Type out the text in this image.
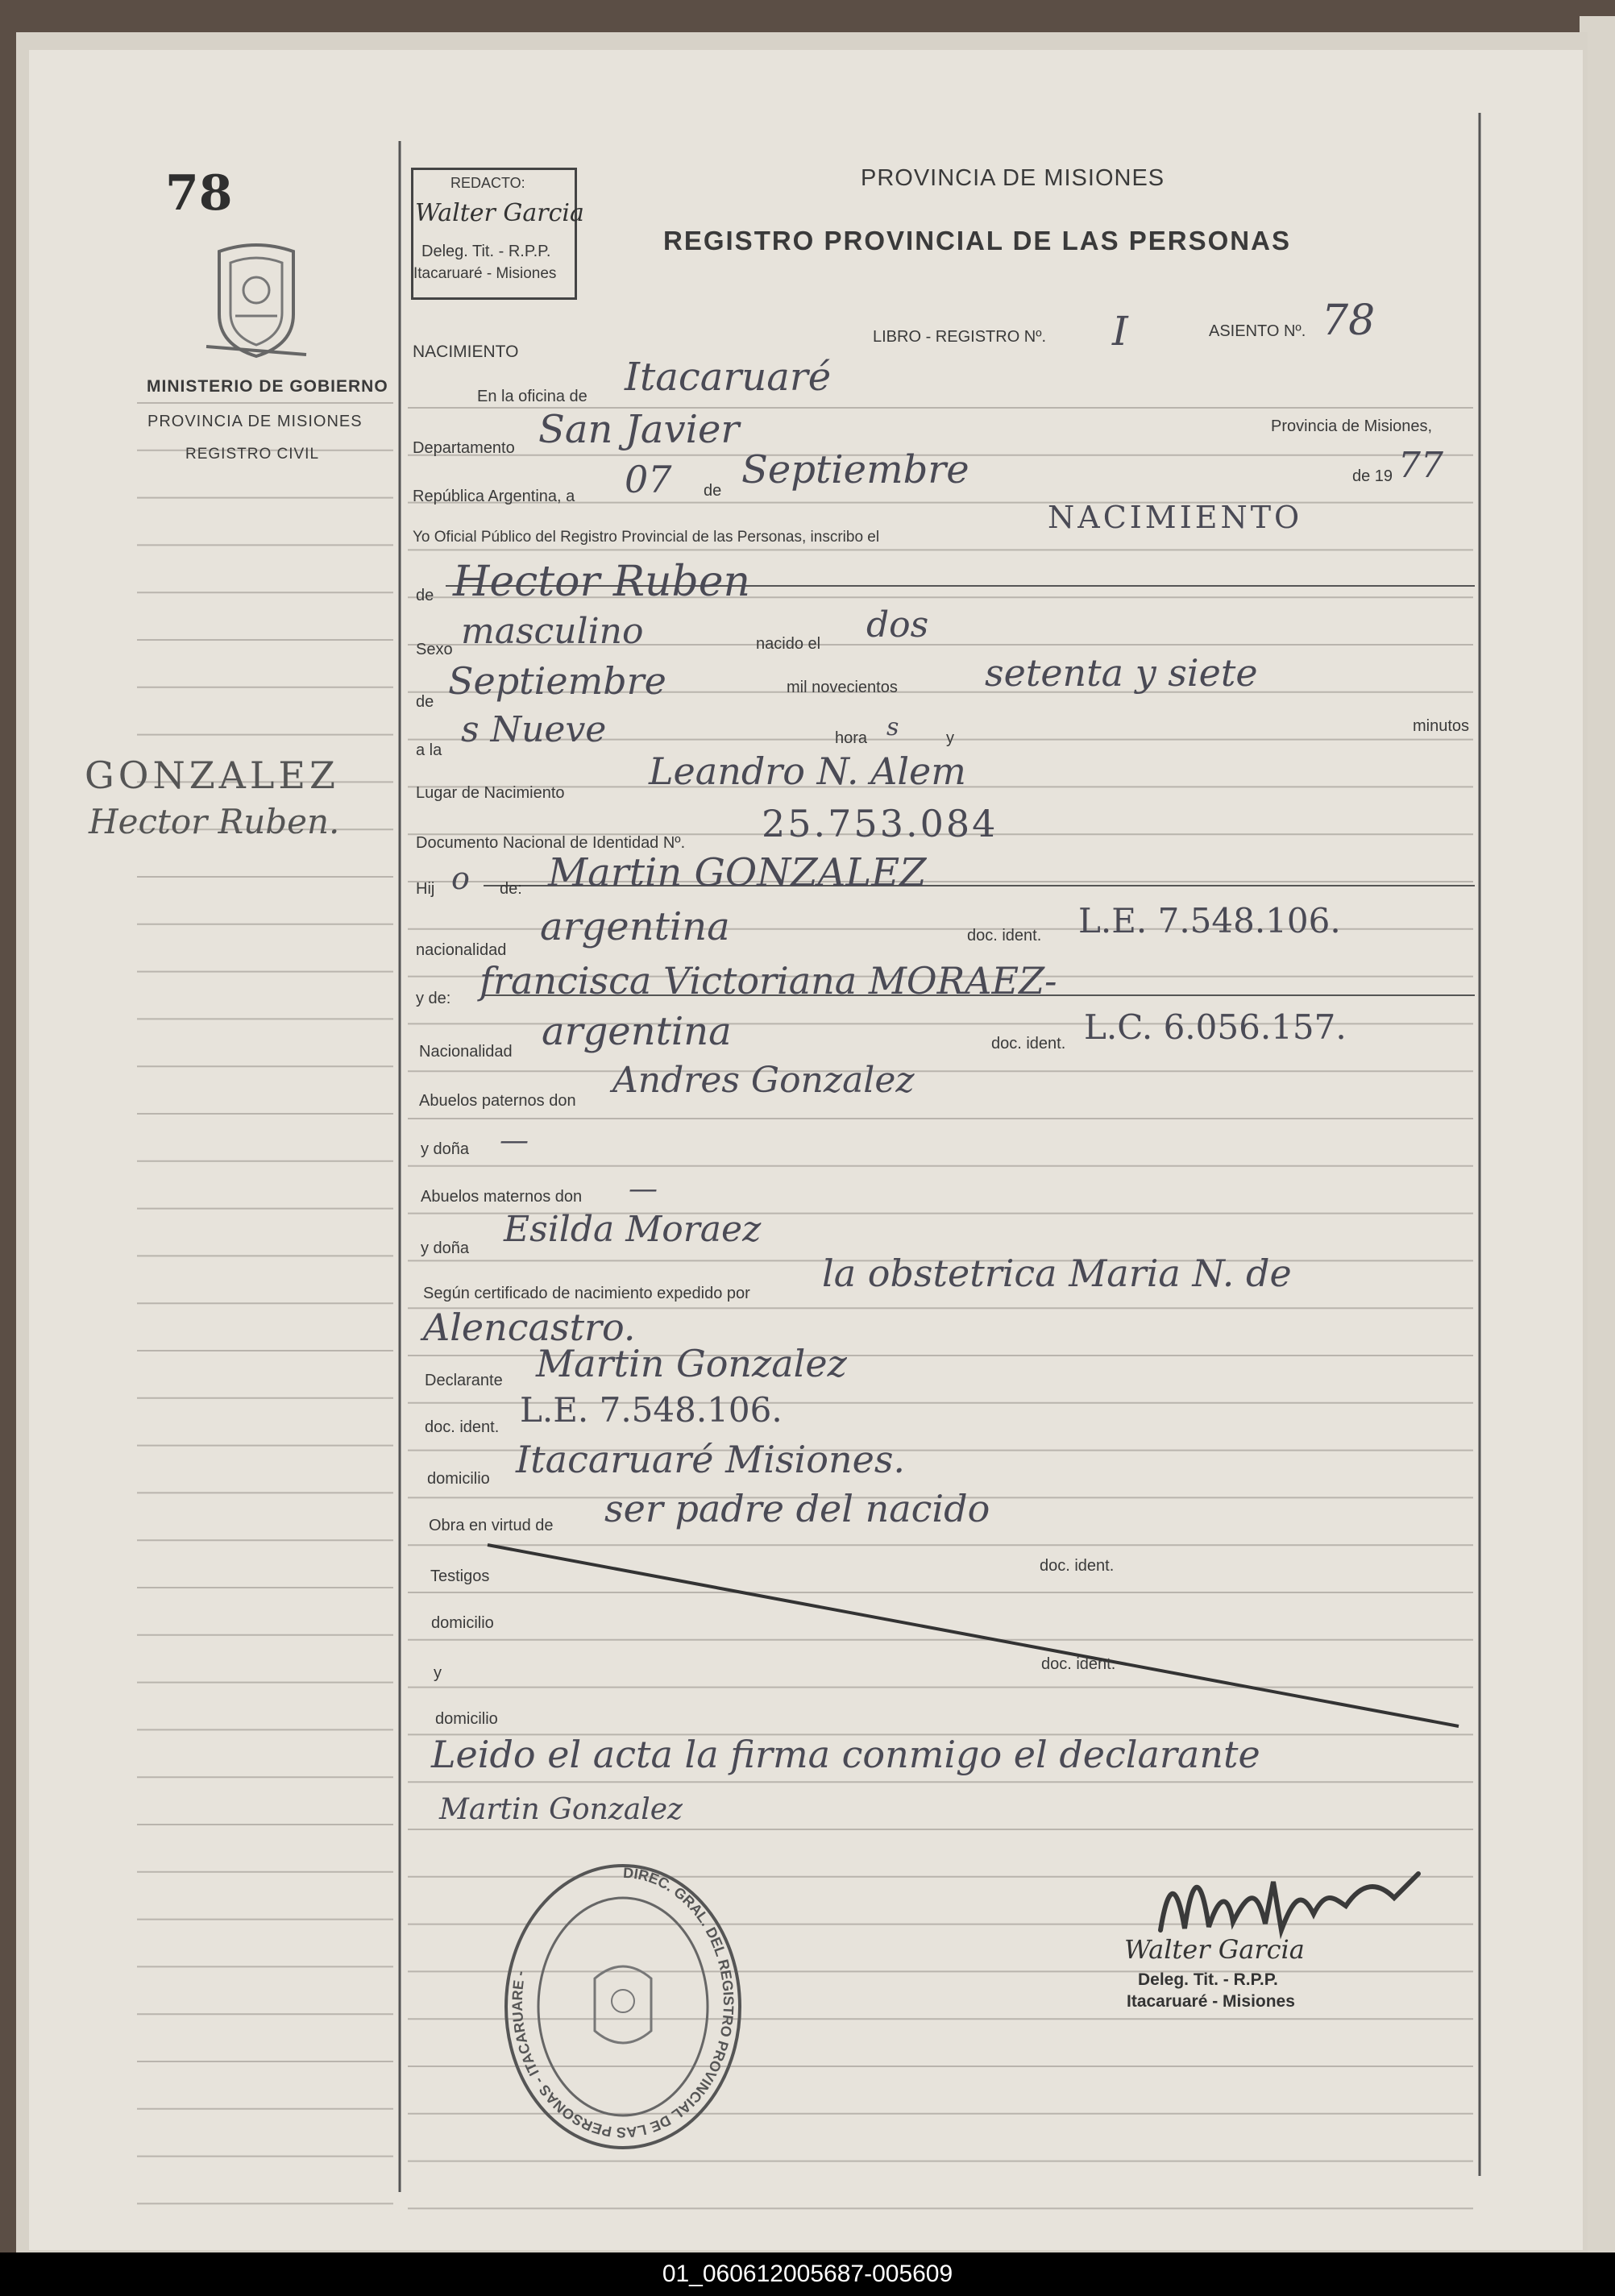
78
MINISTERIO DE GOBIERNO
PROVINCIA DE MISIONES
REGISTRO CIVIL
GONZALEZ
Hector Ruben.
REDACTO:
Walter Garcia
Deleg. Tit. - R.P.P.
Itacaruaré - Misiones
PROVINCIA DE MISIONES
REGISTRO PROVINCIAL DE LAS PERSONAS
LIBRO - REGISTRO Nº. I	ASIENTO Nº. 78
NACIMIENTO
En la oficina de Itacaruaré
Departamento San Javier	Provincia de Misiones,
República Argentina, a 07 de Septiembre	de 19 77
Yo Oficial Público del Registro Provincial de las Personas, inscribo el
NACIMIENTO
de Hector Ruben
Sexo masculino	nacido el dos
de Septiembre	mil novecientos setenta y siete
a la s Nueve	hora s	y
minutos
Lugar de Nacimiento Leandro N. Alem
Documento Nacional de Identidad Nº. 25.753.084
Hij o de: Martin GONZALEZ
nacionalidad
argentina	doc. ident. L.E. 7.548.106.
y de: francisca Victoriana MORAEZ-
Nacionalidad argentina	doc. ident. L.C. 6.056.157.
Abuelos paternos don Andres Gonzalez
y doña —
Abuelos maternos don —
y doña Esilda Moraez
Según certificado de nacimiento expedido por la obstetrica Maria N. de
Alencastro.
Declarante Martin Gonzalez
doc. ident. L.E. 7.548.106.
domicilio Itacaruaré Misiones.
Obra en virtud de ser padre del nacido
Testigos
doc. ident.
domicilio
y	doc. ident.
domicilio
Leido el acta la firma conmigo el declarante
Martin Gonzalez
DIREC. GRAL. DEL REGISTRO PROVINCIAL DE LAS PERSONAS - ITACARUARE -
Walter Garcia
Deleg. Tit. - R.P.P.
Itacaruaré - Misiones
01_060612005687-005609
